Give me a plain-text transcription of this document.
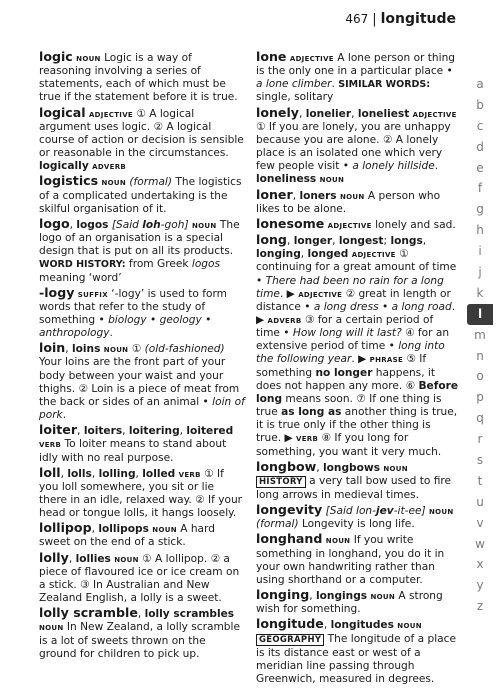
467 | longitude
logic noun Logic is a way of reasoning involving a series of statements, each of which must be true if the statement before it is true.
logical adjective ① A logical argument uses logic. ② A logical course of action or decision is sensible or reasonable in the circumstances. logically adverb
logistics noun (formal) The logistics of a complicated undertaking is the skilful organisation of it.
logo, logos [Said loh-goh] noun The logo of an organisation is a special design that is put on all its products. WORD HISTORY: from Greek logos meaning ‘word’
-logy suffix ‘-logy’ is used to form words that refer to the study of something • biology • geology • anthropology.
loin, loins noun ① (old-fashioned) Your loins are the front part of your body between your waist and your thighs. ② Loin is a piece of meat from the back or sides of an animal • loin of pork.
loiter, loiters, loitering, loitered verb To loiter means to stand about idly with no real purpose.
loll, lolls, lolling, lolled verb ① If you loll somewhere, you sit or lie there in an idle, relaxed way. ② If your head or tongue lolls, it hangs loosely.
lollipop, lollipops noun A hard sweet on the end of a stick.
lolly, lollies noun ① A lollipop. ② a piece of flavoured ice or ice cream on a stick. ③ In Australian and New Zealand English, a lolly is a sweet.
lolly scramble, lolly scrambles noun In New Zealand, a lolly scramble is a lot of sweets thrown on the ground for children to pick up.
lone adjective A lone person or thing is the only one in a particular place • a lone climber. SIMILAR WORDS: single, solitary
lonely, lonelier, loneliest adjective ① If you are lonely, you are unhappy because you are alone. ② A lonely place is an isolated one which very few people visit • a lonely hillside. loneliness noun
loner, loners noun A person who likes to be alone.
lonesome adjective lonely and sad.
long, longer, longest; longs, longing, longed adjective ① continuing for a great amount of time • There had been no rain for a long time. ▶ adjective ② great in length or distance • a long dress • a long road. ▶ adverb ③ for a certain period of time • How long will it last? ④ for an extensive period of time • long into the following year. ▶ phrase ⑤ If something no longer happens, it does not happen any more. ⑥ Before long means soon. ⑦ If one thing is true as long as another thing is true, it is true only if the other thing is true. ▶ verb ⑧ If you long for something, you want it very much.
longbow, longbows noun HISTORY a very tall bow used to fire long arrows in medieval times.
longevity [Said lon-jev-it-ee] noun (formal) Longevity is long life.
longhand noun If you write something in longhand, you do it in your own handwriting rather than using shorthand or a computer.
longing, longings noun A strong wish for something.
longitude, longitudes noun GEOGRAPHY The longitude of a place is its distance east or west of a meridian line passing through Greenwich, measured in degrees.
a
b
c
d
e
f
g
h
i
j
k
l
m
n
o
p
q
r
s
t
u
v
w
x
y
z
